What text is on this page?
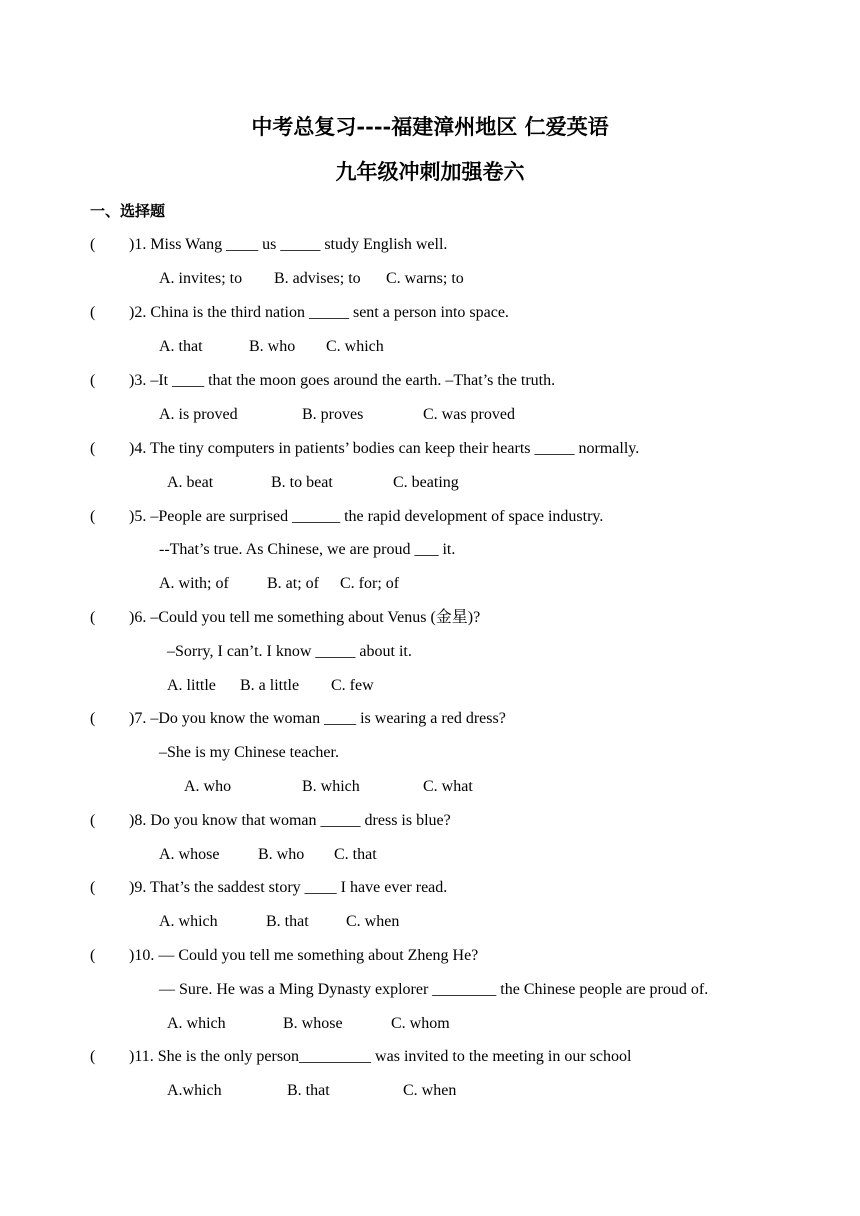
中考总复习----福建漳州地区 仁爱英语
九年级冲刺加强卷六
一、选择题
( )1. Miss Wang ____ us _____ study English well.
A. invites; to B. advises; to C. warns; to
( )2. China is the third nation _____ sent a person into space.
A. that	B. who C. which
( )3. –It ____ that the moon goes around the earth. –That’s the truth.
A. is proved	B. proves	C. was proved
( )4. The tiny computers in patients’ bodies can keep their hearts _____ normally.
A. beat	B. to beat	C. beating
( )5. –People are surprised ______ the rapid development of space industry.
--That’s true. As Chinese, we are proud ___ it.
A. with; of B. at; of C. for; of
( )6. –Could you tell me something about Venus (金星)?
–Sorry, I can’t. I know _____ about it.
A. little B. a little C. few
( )7. –Do you know the woman ____ is wearing a red dress?
–She is my Chinese teacher.
A. who	B. which	C. what
( )8. Do you know that woman _____ dress is blue?
A. whose B. who C. that
( )9. That’s the saddest story ____ I have ever read.
A. which	B. that C. when
( )10. — Could you tell me something about Zheng He?
— Sure. He was a Ming Dynasty explorer ________ the Chinese people are proud of.
A. which	B. whose	C. whom
( )11. She is the only person_________ was invited to the meeting in our school
A.which	B. that	C. when
